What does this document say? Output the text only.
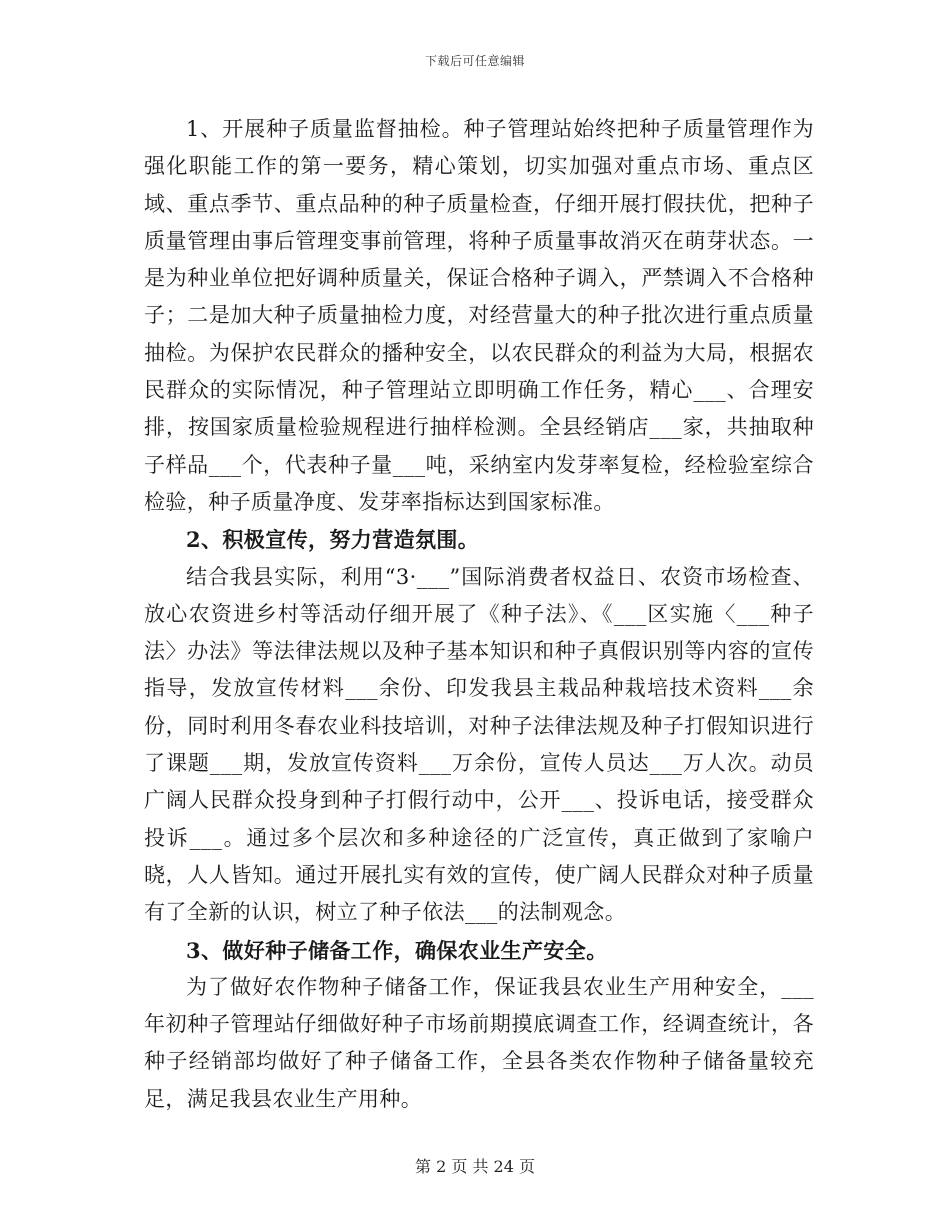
下载后可任意编辑

1、开展种子质量监督抽检。种子管理站始终把种子质量管理作为强化职能工作的第一要务，精心策划，切实加强对重点市场、重点区域、重点季节、重点品种的种子质量检查，仔细开展打假扶优，把种子质量管理由事后管理变事前管理，将种子质量事故消灭在萌芽状态。一是为种业单位把好调种质量关，保证合格种子调入，严禁调入不合格种子；二是加大种子质量抽检力度，对经营量大的种子批次进行重点质量抽检。为保护农民群众的播种安全，以农民群众的利益为大局，根据农民群众的实际情况，种子管理站立即明确工作任务，精心___、合理安排，按国家质量检验规程进行抽样检测。全县经销店___家，共抽取种子样品___个，代表种子量___吨，采纳室内发芽率复检，经检验室综合检验，种子质量净度、发芽率指标达到国家标准。

2、积极宣传，努力营造氛围。

结合我县实际，利用“3·___”国际消费者权益日、农资市场检查、放心农资进乡村等活动仔细开展了《种子法》、《___区实施〈___种子法〉办法》等法律法规以及种子基本知识和种子真假识别等内容的宣传指导，发放宣传材料___余份、印发我县主栽品种栽培技术资料___余份，同时利用冬春农业科技培训，对种子法律法规及种子打假知识进行了课题___期，发放宣传资料___万余份，宣传人员达___万人次。动员广阔人民群众投身到种子打假行动中，公开___、投诉电话，接受群众投诉___。通过多个层次和多种途径的广泛宣传，真正做到了家喻户晓，人人皆知。通过开展扎实有效的宣传，使广阔人民群众对种子质量有了全新的认识，树立了种子依法___的法制观念。

3、做好种子储备工作，确保农业生产安全。

为了做好农作物种子储备工作，保证我县农业生产用种安全，___年初种子管理站仔细做好种子市场前期摸底调查工作，经调查统计，各种子经销部均做好了种子储备工作，全县各类农作物种子储备量较充足，满足我县农业生产用种。

第 2 页 共 24 页
